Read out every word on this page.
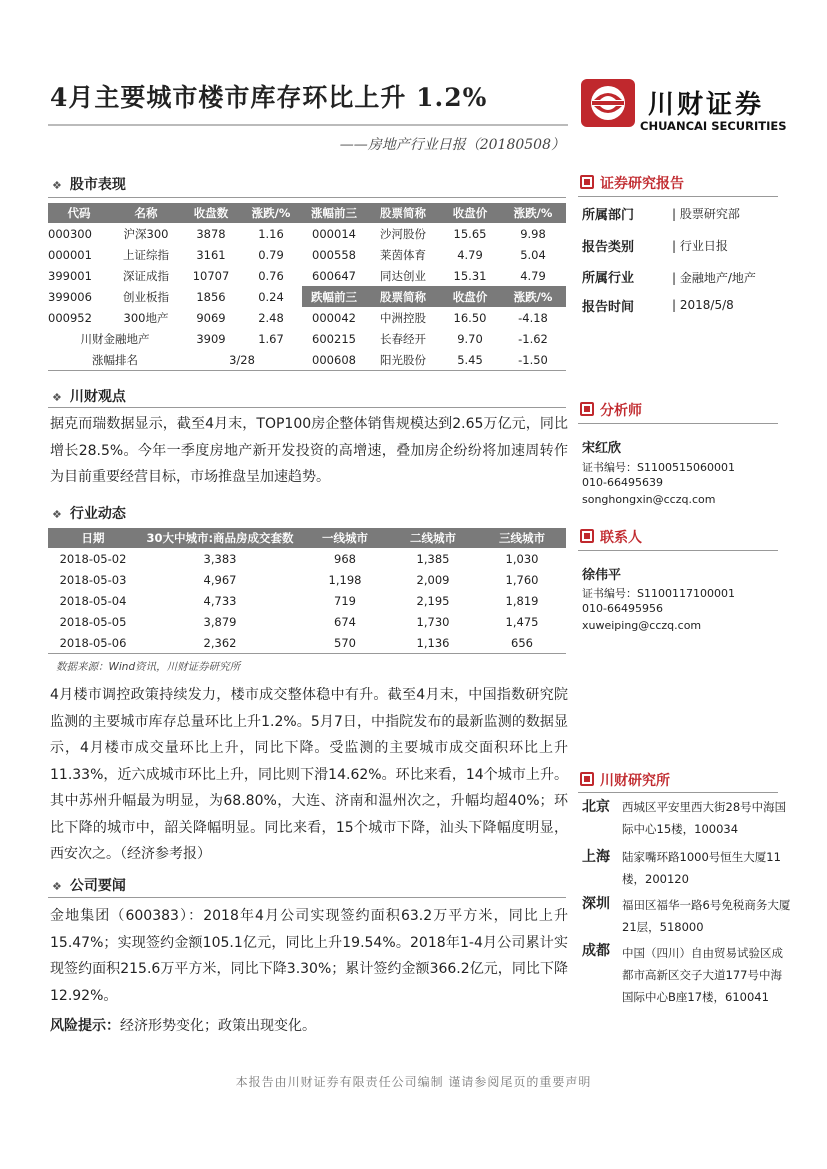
4月主要城市楼市库存环比上升 1.2%
——房地产行业日报（20180508）
川财证券
CHUANCAI SECURITIES
❖ 股市表现
代码	名称	收盘数	涨跌/%	涨幅前三	股票简称	收盘价	涨跌/%
000300	沪深300	3878	1.16	000014	沙河股份	15.65	9.98
000001	上证综指	3161	0.79	000558	莱茵体育	4.79	5.04
399001	深证成指	10707	0.76	600647	同达创业	15.31	4.79
399006	创业板指	1856	0.24	跌幅前三	股票简称	收盘价	涨跌/%
000952	300地产	9069	2.48	000042	中洲控股	16.50	-4.18
川财金融地产		3909	1.67	600215	长春经开	9.70	-1.62
涨幅排名		3/28		000608	阳光股份	5.45	-1.50
❖ 川财观点
据克而瑞数据显示，截至4月末，TOP100房企整体销售规模达到2.65万亿元，同比增长28.5%。今年一季度房地产新开发投资的高增速，叠加房企纷纷将加速周转作为目前重要经营目标，市场推盘呈加速趋势。
❖ 行业动态
日期	30大中城市:商品房成交套数	一线城市	二线城市	三线城市
2018-05-02	3,383	968	1,385	1,030
2018-05-03	4,967	1,198	2,009	1,760
2018-05-04	4,733	719	2,195	1,819
2018-05-05	3,879	674	1,730	1,475
2018-05-06	2,362	570	1,136	656
数据来源：Wind资讯，川财证券研究所
4月楼市调控政策持续发力，楼市成交整体稳中有升。截至4月末，中国指数研究院监测的主要城市库存总量环比上升1.2%。5月7日，中指院发布的最新监测的数据显示，4月楼市成交量环比上升，同比下降。受监测的主要城市成交面积环比上升11.33%，近六成城市环比上升，同比则下滑14.62%。环比来看，14个城市上升。其中苏州升幅最为明显，为68.80%，大连、济南和温州次之，升幅均超40%；环比下降的城市中，韶关降幅明显。同比来看，15个城市下降，汕头下降幅度明显，西安次之。（经济参考报）
❖ 公司要闻
金地集团（600383）：2018年4月公司实现签约面积63.2万平方米，同比上升15.47%；实现签约金额105.1亿元，同比上升19.54%。2018年1-4月公司累计实现签约面积215.6万平方米，同比下降3.30%；累计签约金额366.2亿元，同比下降12.92%。
风险提示：经济形势变化；政策出现变化。
证券研究报告
所属部门	| 股票研究部
报告类别	| 行业日报
所属行业	| 金融地产/地产
报告时间	| 2018/5/8
分析师
宋红欣
证书编号：S1100515060001
010-66495639
songhongxin@cczq.com
联系人
徐伟平
证书编号：S1100117100001
010-66495956
xuweiping@cczq.com
川财研究所
北京 西城区平安里西大街28号中海国际中心15楼，100034
上海 陆家嘴环路1000号恒生大厦11楼，200120
深圳 福田区福华一路6号免税商务大厦21层，518000
成都 中国（四川）自由贸易试验区成都市高新区交子大道177号中海国际中心B座17楼，610041
本报告由川财证券有限责任公司编制 谨请参阅尾页的重要声明
